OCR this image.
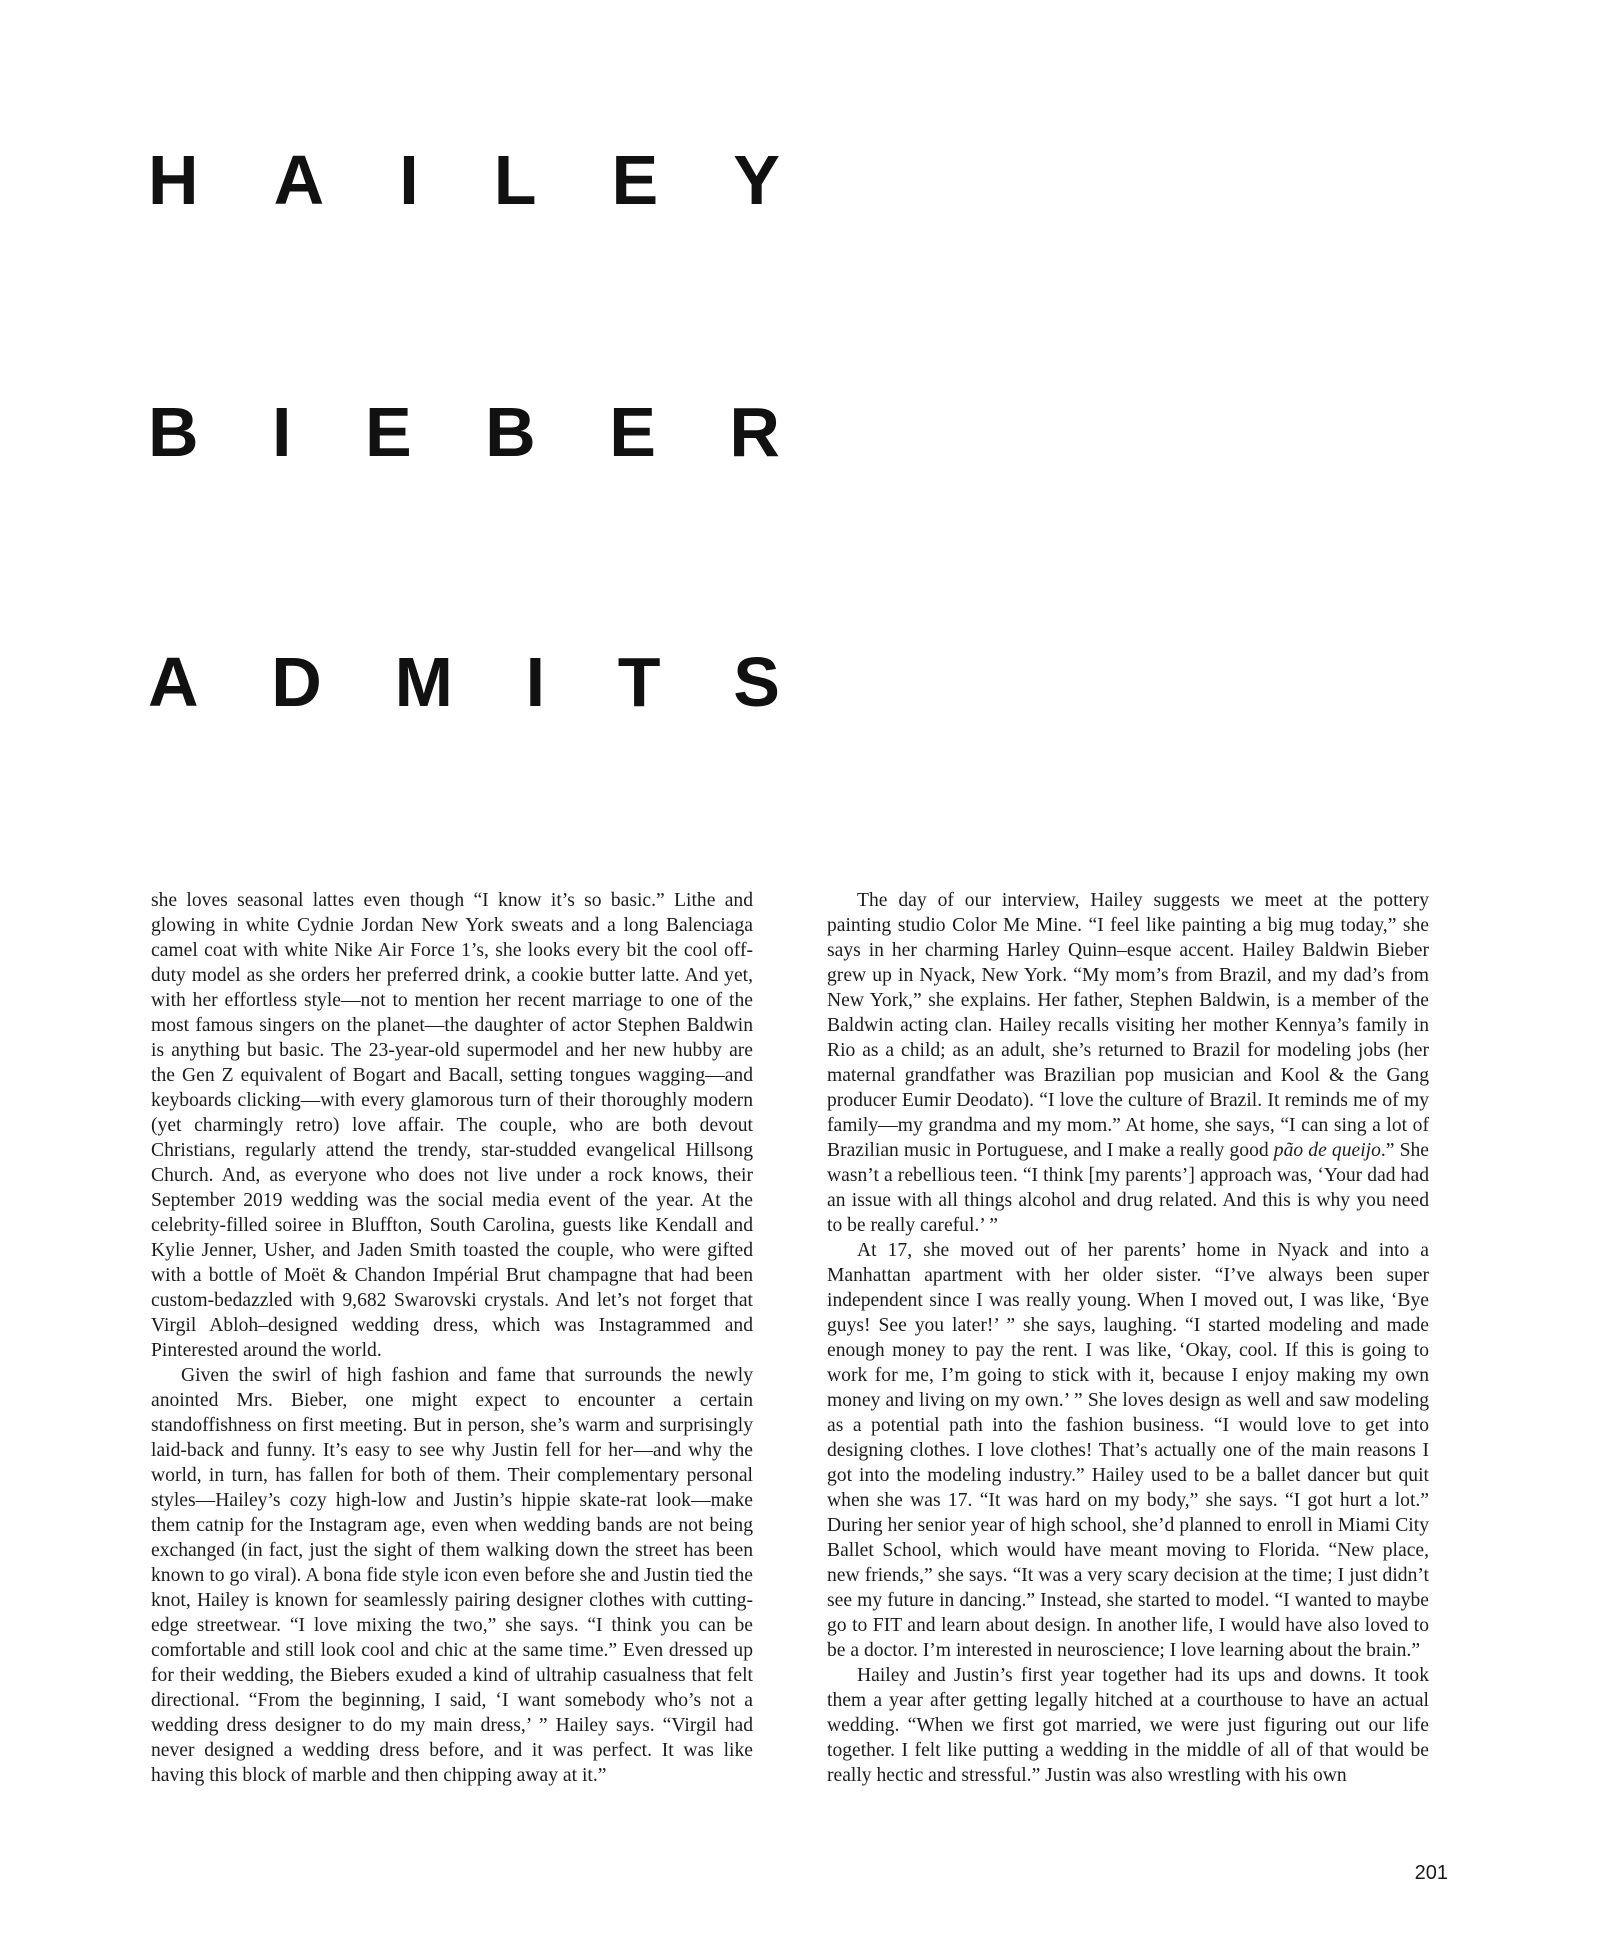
H A I L E Y
B I E B E R
A D M I T S

she loves seasonal lattes even though “I know it’s so basic.” Lithe and glowing in white Cydnie Jordan New York sweats and a long Balenciaga camel coat with white Nike Air Force 1’s, she looks every bit the cool off-duty model as she orders her preferred drink, a cookie butter latte. And yet, with her effortless style—not to mention her recent marriage to one of the most famous singers on the planet—the daughter of actor Stephen Baldwin is anything but basic. The 23-year-old supermodel and her new hubby are the Gen Z equivalent of Bogart and Bacall, setting tongues wagging—and keyboards clicking—with every glamorous turn of their thoroughly modern (yet charmingly retro) love affair. The couple, who are both devout Christians, regularly attend the trendy, star-studded evangelical Hillsong Church. And, as everyone who does not live under a rock knows, their September 2019 wedding was the social media event of the year. At the celebrity-filled soiree in Bluffton, South Carolina, guests like Kendall and Kylie Jenner, Usher, and Jaden Smith toasted the couple, who were gifted with a bottle of Moët & Chandon Impérial Brut champagne that had been custom-bedazzled with 9,682 Swarovski crystals. And let’s not forget that Virgil Abloh–designed wedding dress, which was Instagrammed and Pinterested around the world.

Given the swirl of high fashion and fame that surrounds the newly anointed Mrs. Bieber, one might expect to encounter a certain standoffishness on first meeting. But in person, she’s warm and surprisingly laid-back and funny. It’s easy to see why Justin fell for her—and why the world, in turn, has fallen for both of them. Their complementary personal styles—Hailey’s cozy high-low and Justin’s hippie skate-rat look—make them catnip for the Instagram age, even when wedding bands are not being exchanged (in fact, just the sight of them walking down the street has been known to go viral). A bona fide style icon even before she and Justin tied the knot, Hailey is known for seamlessly pairing designer clothes with cutting-edge streetwear. “I love mixing the two,” she says. “I think you can be comfortable and still look cool and chic at the same time.” Even dressed up for their wedding, the Biebers exuded a kind of ultrahip casualness that felt directional. “From the beginning, I said, ‘I want somebody who’s not a wedding dress designer to do my main dress,’ ” Hailey says. “Virgil had never designed a wedding dress before, and it was perfect. It was like having this block of marble and then chipping away at it.”

The day of our interview, Hailey suggests we meet at the pottery painting studio Color Me Mine. “I feel like painting a big mug today,” she says in her charming Harley Quinn–esque accent. Hailey Baldwin Bieber grew up in Nyack, New York. “My mom’s from Brazil, and my dad’s from New York,” she explains. Her father, Stephen Baldwin, is a member of the Baldwin acting clan. Hailey recalls visiting her mother Kennya’s family in Rio as a child; as an adult, she’s returned to Brazil for modeling jobs (her maternal grandfather was Brazilian pop musician and Kool & the Gang producer Eumir Deodato). “I love the culture of Brazil. It reminds me of my family—my grandma and my mom.” At home, she says, “I can sing a lot of Brazilian music in Portuguese, and I make a really good pão de queijo.” She wasn’t a rebellious teen. “I think [my parents’] approach was, ‘Your dad had an issue with all things alcohol and drug related. And this is why you need to be really careful.’ ”

At 17, she moved out of her parents’ home in Nyack and into a Manhattan apartment with her older sister. “I’ve always been super independent since I was really young. When I moved out, I was like, ‘Bye guys! See you later!’ ” she says, laughing. “I started modeling and made enough money to pay the rent. I was like, ‘Okay, cool. If this is going to work for me, I’m going to stick with it, because I enjoy making my own money and living on my own.’ ” She loves design as well and saw modeling as a potential path into the fashion business. “I would love to get into designing clothes. I love clothes! That’s actually one of the main reasons I got into the modeling industry.” Hailey used to be a ballet dancer but quit when she was 17. “It was hard on my body,” she says. “I got hurt a lot.” During her senior year of high school, she’d planned to enroll in Miami City Ballet School, which would have meant moving to Florida. “New place, new friends,” she says. “It was a very scary decision at the time; I just didn’t see my future in dancing.” Instead, she started to model. “I wanted to maybe go to FIT and learn about design. In another life, I would have also loved to be a doctor. I’m interested in neuroscience; I love learning about the brain.”

Hailey and Justin’s first year together had its ups and downs. It took them a year after getting legally hitched at a courthouse to have an actual wedding. “When we first got married, we were just figuring out our life together. I felt like putting a wedding in the middle of all of that would be really hectic and stressful.” Justin was also wrestling with his own

201
